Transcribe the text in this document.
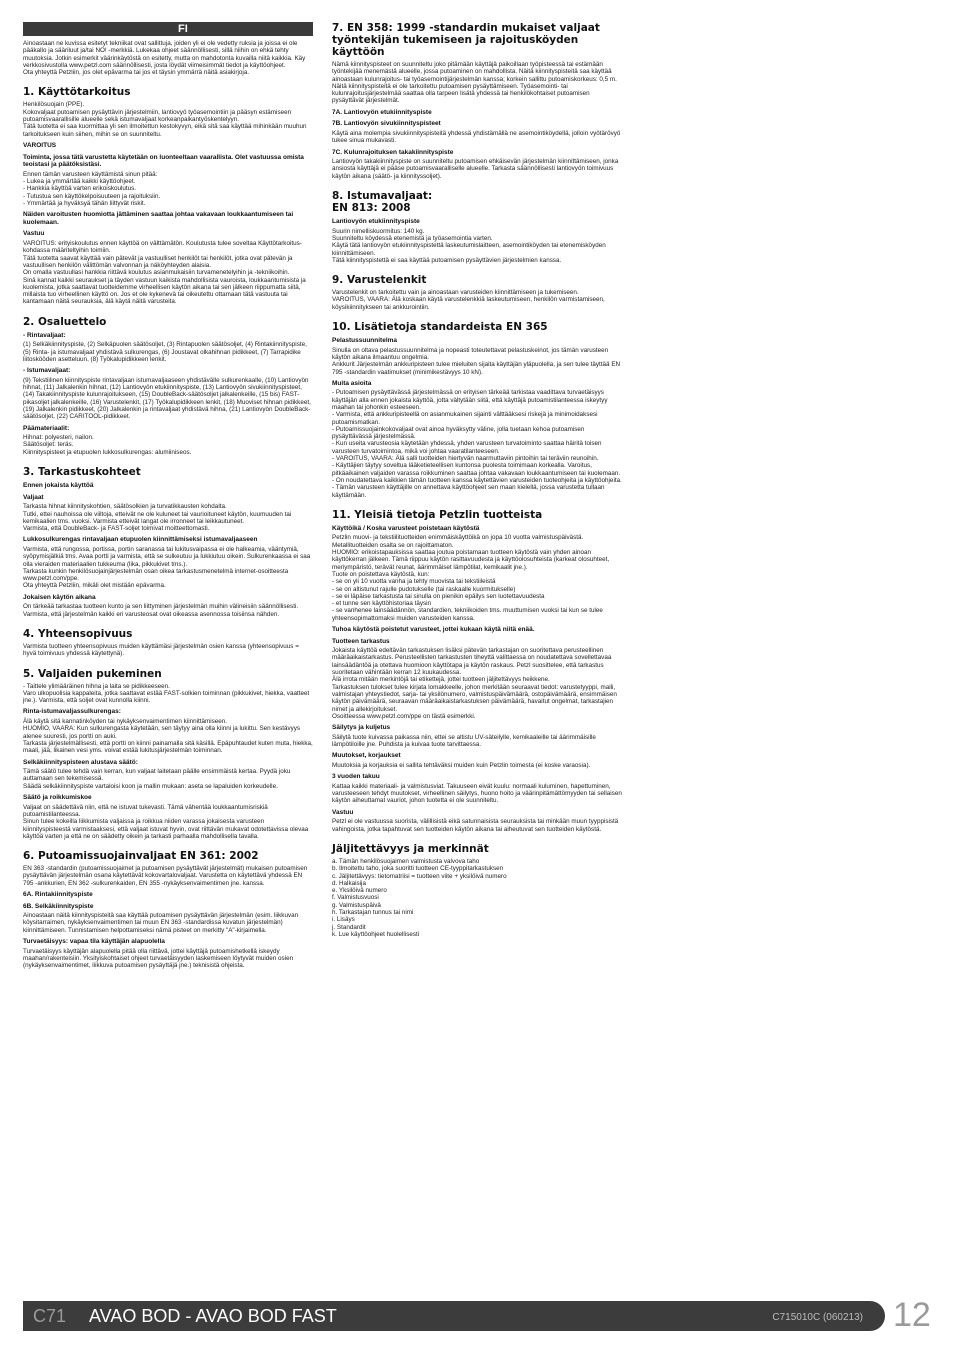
FI

Ainoastaan ne kuvissa esitetyt tekniikat ovat sallittuja, joiden yli ei ole vedetty ruksia ja joissa ei ole pääkallo ja sääriluut ja/tai NO! -merkkiä. Lukekaa ohjeet säännöllisesti, sillä niihin on ehkä tehty muutoksia. Jotkin esimerkit väärinkäytöstä on esitetty, mutta on mahdotonta kuvailla niitä kaikkia. Käy verkkosivustolla www.petzl.com säännöllisesti, josta löydät viimeisimmät tiedot ja käyttöohjeet.
Ota yhteyttä Petzliin, jos olet epävarma tai jos et täysin ymmärrä näitä asiakirjoja.

1. Käyttötarkoitus

Henkilösuojain (PPE).
Kokovaljaat putoamisen pysäyttävin järjestelmiin, lantiovyö työasemointiin ja pääsyn estämiseen putoamisvaarallisille alueelle sekä istumavaljaat korkeanpaikantyöskentelyyn.
Tätä tuotetta ei saa kuormittaa yli sen ilmoitettun kestokyvyn, eikä sitä saa käyttää mihinkään muuhun tarkoitukseen kuin siihen, mihin se on suunniteltu.

VAROITUS
Toiminta, jossa tätä varustetta käytetään on luonteeltaan vaarallista. Olet vastuussa omista teoistasi ja päätöksistäsi.

Ennen tämän varusteen käyttämistä sinun pitää:
- Lukea ja ymmärtää kaikki käyttöohjeet.
- Hankkia käyttöä varten erikoiskoulutus.
- Tutustua sen käyttökelpoisuuteen ja rajoituksiin.
- Ymmärtää ja hyväksyä tähän liittyvät riskit.

Näiden varoitusten huomiotta jättäminen saattaa johtaa vakavaan loukkaantumiseen tai kuolemaan.
Vastuu

VAROITUS: erityiskoulutus ennen käyttöä on välttämätön. Koulutusta tulee soveltaa Käyttötarkoitus-kohdassa määriteltyihin toimiin.
Tätä tuotetta saavat käyttää vain pätevät ja vastuulliset henkilöt tai henkilöt, jotka ovat pätevän ja vastuullisen henkilön välittömän valvonnan ja näköyhteyden alaisia.
On omalla vastuullasi hankkia riittävä koulutus asianmukaisiin turvamenetelyihin ja -tekniikoihin.
Sinä kannat kaikki seuraukset ja täyden vastuun kaikista mahdollisista vauroista, loukkaantumisista ja kuolemista, jotka saattavat tuotteidemme virheellisen käytön aikana tai sen jälkeen riippumatta siitä, millaista tuo virheellinen käyttö on. Jos et ole kykenevä tai oikeutettu ottamaan tätä vastuuta tai kantamaan näitä seurauksia, älä käytä näitä varusteita.

2. Osaluettelo
- Rintavaljaat:

(1) Selkäkiinnityspiste, (2) Selkäpuolen säätösoljet, (3) Rintapuolen säätösoljet, (4) Rintakiinnityspiste, (5) Rinta- ja istumavaljaat yhdistävä sulkurengas, (6) Joustavat olkahihnan pidikkeet, (7) Tarrapidike liitoskööden asetteluun, (8) Työkalupidikkeen lenkit.

- Istumavaljaat:

(9) Tekstiilinen kiinnityspiste rintavaljaan istumavaljaaseen yhdistävälle sulkurenkaalle, (10) Lantiovyön hihnat, (11) Jalkalenkin hihnat, (12) Lantiovyön etukiinnityspiste, (13) Lantiovyön sivukiinnityspisteet, (14) Takakiinnityspiste kulunrajoitukseen, (15) DoubleBack-säätösoljet jalkalenkeille, (15 bis) FAST-pikasoljet jalkalenkeille, (16) Varustelenkit, (17) Työkalupidikkeen lenkit, (18) Muoviset hihnan pidikkeet, (19) Jalkalenkin pidikkeet, (20) Jalkalenkin ja rintavaljaat yhdistävä hihna, (21) Lantiovyön DoubleBack-säätösoljet, (22) CARITOOL-pidikkeet.

Päämateriaalit:

Hihnat: polyesteri, nailon.
Säätösoljet: teräs.
Kiinnityspisteet ja etupuolen lukkosulkurengas: alumiiniseos.

3. Tarkastuskohteet
Ennen jokaista käyttöä
Valjaat

Tarkasta hihnat kiinnityskohtien, säätösolkien ja turvatikkausten kohdalta.
Tutki, ettei nauhoissa ole viiltoja, etteivät ne ole kuluneet tai vaurioituneet käytön, kuumuuden tai kemikaalien tms. vuoksi. Varmista etteivät langat ole irronneet tai leikkautuneet.
Varmista, että DoubleBack- ja FAST-soljet toimivat moitteettomasti.

Lukkosulkurengas rintavaljaan etupuolen kiinnittämiseksi istumavaljaaseen

Varmista, että rungossa, portissa, portin saranassa tai lukitusvaipassa ei ole halkeamia, vääntymiä, syöpymisjälkiä tms. Avaa portti ja varmista, että se sulkeutuu ja lukkiutuu oikein. Sulkurenkaassa ei saa olla vieraiden materiaalien tukkeuma (lika, pikkukivet tms.).
Tarkasta kunkin henkilösuojainjärjestelmän osan oikea tarkastusmenetelmä internet-osoitteesta www.petzl.com/ppe.
Ota yhteyttä Petzliin, mikäli olet mistään epävarma.

Jokaisen käytön aikana

On tärkeää tarkastaa tuotteen kunto ja sen liittyminen järjestelmän muihin välineisiin säännöllisesti. Varmista, että järjestelmän kaikki eri varusteosat ovat oikeassa asennossa toisiinsa nähden.

4. Yhteensopivuus

Varmista tuotteen yhteensopivuus muiden käyttämäsi järjestelmän osien kanssa (yhteensopivuus = hyvä toimivuus yhdessä käytettynä).

5. Valjaiden pukeminen

- Taittele ylimääräinen hihna ja laita se pidikkeeseen.
Varo ulkopuolisia kappaleita, jotka saattavat estää FAST-solkien toiminnan (pikkukivet, hiekka, vaatteet jne.). Varmista, että soljet ovat kunnolla kiinni.

Rinta-istumavaljassulkurengas:

Älä käytä sitä kannatinköyden tai nykäyksenvaimentimen kiinnittämiseen.
HUOMIO, VAARA: Kun sulkurengasta käytetään, sen täytyy aina olla kiinni ja lukittu. Sen kestävyys alenee suuresti, jos portti on auki.
Tarkasta järjestelmällisesti, että portti on kiinni painamalla sitä käsillä. Epäpuhtaudet kuten muta, hiekka, maali, jää, likainen vesi yms. voivat estää lukitusjärjestelmän toiminnan.

Selkäkiinnityspisteen alustava säätö:

Tämä säätö tulee tehdä vain kerran, kun valjaat laitetaan päälle ensimmäistä kertaa. Pyydä joku auttamaan sen tekemisessä.
Säädä selkäkiinnityspiste vartaloisi koon ja mallin mukaan: aseta se lapaluiden korkeudelle.

Säätö ja roikkumiskoe

Valjaat on säädettävä niin, että ne istuvat tukevasti. Tämä vähentää loukkaantumisriskiä putoamistilanteessa.
Sinun tulee kokeilla liikkumista valjaissa ja roikkua niiden varassa jokaisesta varusteen kiinnityspisteestä varmistaaksesi, että valjaat istuvat hyvin, ovat riittävän mukavat odotettavissa olevaa käyttöä varten ja että ne on säädetty oikein ja tarkasti parhaalla mahdollisella tavalla.

6. Putoamissuojainvaljaat EN 361: 2002

EN 363 -standardin (putoamissuojaimet ja putoamisen pysäyttävät järjestelmät) mukaisen putoamisen pysäyttävän järjestelmän osana käytettävät kokovartalovaljaat. Varustetta on käytettävä yhdessä EN 795 -ankkurien, EN 362 -sulkurenkaiden, EN 355 -nykäyksenvaimentimen jne. kanssa.

6A. Rintakiinnityspiste
6B. Selkäkiinnityspiste

Ainoastaan näitä kiinnityspisteitä saa käyttää putoamisen pysäyttävän järjestelmän (esim. liikkuvan köysitarraimen, nykäyksenvaimentimen tai muun EN 363 -standardissa kuvatun järjestelmän) kiinnittämiseen. Tunnistamisen helpottamiseksi nämä pisteet on merkitty "A"-kirjaimella.

Turvaetäisyys: vapaa tila käyttäjän alapuolella

Turvaetäisyys käyttäjän alapuolella pitää olla riittävä, jottei käyttäjä putoamishetkellä iskeydy maahan/rakenteisiin. Yksityiskohtaiset ohjeet turvaetäisyyden laskemiseen löytyvät muiden osien (nykäyksenvaimentimet, liikkuva putoamisen pysäyttäjä jne.) teknisistä ohjeista.

7. EN 358: 1999 -standardin mukaiset valjaat työntekijän tukemiseen ja rajoitusköyden käyttöön

Nämä kiinnityspisteet on suunniteltu joko pitämään käyttäjä paikoillaan työpisteessä tai estämään työntekijää menemästä alueelle, jossa putoaminen on mahdollista. Näitä kiinnityspisteitä saa käyttää ainoastaan kulunrajoitus- tai työasemointijärjestelmän kanssa; korkein sallittu putoamiskorkeus: 0,5 m.
Näitä kiinnityspisteitä ei ole tarkoitettu putoamisen pysäyttämiseen. Työasemointi- tai kulunrajoitusjärjestelmää saattaa olla tarpeen lisätä yhdessä tai henkilökohtaiset putoamisen pysäyttävät järjestelmät.

7A. Lantiovyön etukiinnityspiste
7B. Lantiovyön sivukiinnityspisteet

Käytä aina molempia sivukiinnityspisteitä yhdessä yhdistämällä ne asemointiköydellä, jolloin vyötärövyö tukee sinua mukavasti.

7C. Kulunrajoituksen takakiinnityspiste

Lantiovyön takakiinnityspiste on suunniteltu putoamisen ehkäisevän järjestelmän kiinnittämiseen, jonka ansiosta käyttäjä ei pääse putoamisvaaralliselle alueelle. Tarkasta säännöllisesti lantiovyön toimivuus käytön aikana (säätö- ja kiinnityssoljet).

8. Istumavaljaat:
EN 813: 2008
Lantiovyön etukiinnityspiste

Suurin nimelliskuormitus: 140 kg.
Suunniteltu köydessä etenemistä ja työasemointia varten.
Käytä tätä lantiovyön etukiinnityspistettä laskeutumislaitteen, asemointiköyden tai etenemisköyden kiinnittämiseen.
Tätä kiinnityspistettä ei saa käyttää putoamisen pysäyttävien järjestelmien kanssa.

9. Varustelenkit

Varustelenkit on tarkoitettu vain ja ainoastaan varusteiden kiinnittämiseen ja tukemiseen.
VAROITUS, VAARA: Älä koskaan käytä varustelenkkiä laskeutumiseen, henkilön varmistamiseen, köysikiinnitykseen tai ankkurointiin.

10. Lisätietoja standardeista EN 365
Pelastussuunnitelma

Sinulla on oltava pelastussuunnitelma ja nopeasti toteutettavat pelastuskeinot, jos tämän varusteen käytön aikana ilmaantuu ongelmia.
Ankkurit Järjestelmän ankkuripisteen tulee mieluiten sijaita käyttäjän yläpuolella, ja sen tulee täyttää EN 795 -standardin vaatimukset (minimikestävyys 10 kN).

Muita asioita

- Putoamisen pysäyttävässä järjestelmässä on erityisen tärkeää tarkistaa vaadittava turvaetäisyys käyttäjän alla ennen jokaista käyttöä, jotta vältytään siitä, että käyttäjä putoamistilanteessa iskeytyy maahan tai johonkin esteeseen.
- Varmista, että ankkuripisteellä on asianmukainen sijainti välttääksesi riskejä ja minimoidaksesi putoamismatkan.
- Putoamissuojainkokovaljaat ovat ainoa hyväksytty väline, jolla tuetaan kehoa putoamisen pysäyttävässä järjestelmässä.
- Kun useita varusteosia käytetään yhdessä, yhden varusteen turvatoiminto saattaa häiritä toisen varusteen turvatoimintoa, mikä voi johtaa vaaratilanteeseen.
- VAROITUS, VAARA: Älä salli tuotteiden hiertyvän naarmuttaviin pintoihin tai teräviin reunoihin.
- Käyttäjien täytyy soveltua lääketieteellisen kuntonsa puolesta toimimaan korkealla. Varoitus, pitkäaikainen valjaiden varassa roikkuminen saattaa johtaa vakavaan loukkaantumiseen tai kuolemaan.
- On noudatettava kaikkien tämän tuotteen kanssa käytettävien varusteiden tuoteohjeita ja käyttöohjeita.
- Tämän varusteen käyttäjille on annettava käyttöohjeet sen maan kielellä, jossa varustetta tullaan käyttämään.

11. Yleisiä tietoja Petzlin tuotteista
Käyttöikä / Koska varusteet poistetaan käytöstä

Petzlin muovi- ja tekstiilituotteiden enimmäiskäyttöikä on jopa 10 vuotta valmistuspäivästä. Metallituotteiden osalta se on rajoittamaton.
HUOMIO: erikoistapauksissa saattaa joutua poistamaan tuotteen käytöstä vain yhden ainoan käyttökerran jälkeen. Tämä riippuu käytön rasittavuudesta ja käyttöolosuhteista (karkeat olosuhteet, meriympäristö, terävät reunat, äärimmäiset lämpötilat, kemikaalit jne.).
Tuote on poistettava käytöstä, kun:
- se on yli 10 vuotta vanha ja tehty muovista tai tekstiileistä
- se on altistunut rajulle pudotukselle (tai raskaalle kuormitukselle)
- se ei läpäise tarkastusta tai sinulla on pienikin epäilys sen luotettavuudesta
- et tunne sen käyttöhistoriaa täysin
- se vanhenee lainsäädännön, standardien, tekniikoiden tms. muuttumisen vuoksi tai kun se tulee yhteensopimattomaksi muiden varusteiden kanssa.

Tuhoa käytöstä poistetut varusteet, jottei kukaan käytä niitä enää.
Tuotteen tarkastus

Jokaista käyttöä edeltävän tarkastuksen lisäksi pätevän tarkastajan on suoritettava perusteellinen määräaikaistarkastus. Perusteellisten tarkastusten tiheyttä valittaessa on noudatettava sovellettavaa lainsäädäntöä ja otettava huomioon käyttötapa ja käytön raskaus. Petzl suosittelee, että tarkastus suoritetaan vähintään kerran 12 kuukaudessa.
Älä irrota mitään merkintöjä tai etikettejä, jottei tuotteen jäljitettävyys heikkene.
Tarkastuksen tulokset tulee kirjata lomakkeelle, johon merkitään seuraavat tiedot: varustetyyppi, malli, valmistajan yhteystiedot, sarja- tai yksilönumero, valmistuspäivämäärä, ostopäivämäärä, ensimmäisen käytön päivämäärä, seuraavan määräaikaistarkastuksen päivämäärä, havaitut ongelmat, tarkastajien nimet ja allekirjoitukset.
Osoitteessa www.petzl.com/ppe on tästä esimerkki.

Säilytys ja kuljetus

Säilytä tuote kuivassa paikassa niin, ettei se altistu UV-säteilylle, kemikaaleille tai äärimmäisille lämpötiloille jne. Puhdista ja kuivaa tuote tarvittaessa.

Muutokset, korjaukset

Muutoksia ja korjauksia ei sallita tehtäväksi muiden kuin Petzlin toimesta (ei koske varaosia).

3 vuoden takuu

Kattaa kaikki materiaali- ja valmistusviat. Takuuseen eivät kuulu: normaali kuluminen, hapettuminen, varusteeseen tehdyt muutokset, virheellinen säilytys, huono hoito ja väärinpitämättömyyden tai sellaisen käytön aiheuttamat vauriot, johon tuotetta ei ole suunniteltu.

Vastuu

Petzl ei ole vastuussa suorista, välillisistä eikä satunnaisista seurauksista tai minkään muun tyyppisistä vahingoista, jotka tapahtuvat sen tuotteiden käytön aikana tai aiheutuvat sen tuotteiden käytöstä.

Jäljitettävyys ja merkinnät

a. Tämän henkilösuojaimen valmistusta valvova taho
b. Ilmoitettu taho, joka suoritti tuotteen CE-tyyppitarkastuksen
c. Jäljitettävyys: tietomatriisi = tuotteen viite + yksilöivä numero
d. Halkaisija
e. Yksilöivä numero
f. Valmistusvuosi
g. Valmistuspäivä
h. Tarkastajan tunnus tai nimi
i. Lisäys
j. Standardit
k. Lue käyttöohjeet huolellisesti

C71 AVAO BOD - AVAO BOD FAST	C715010C (060213) 12
